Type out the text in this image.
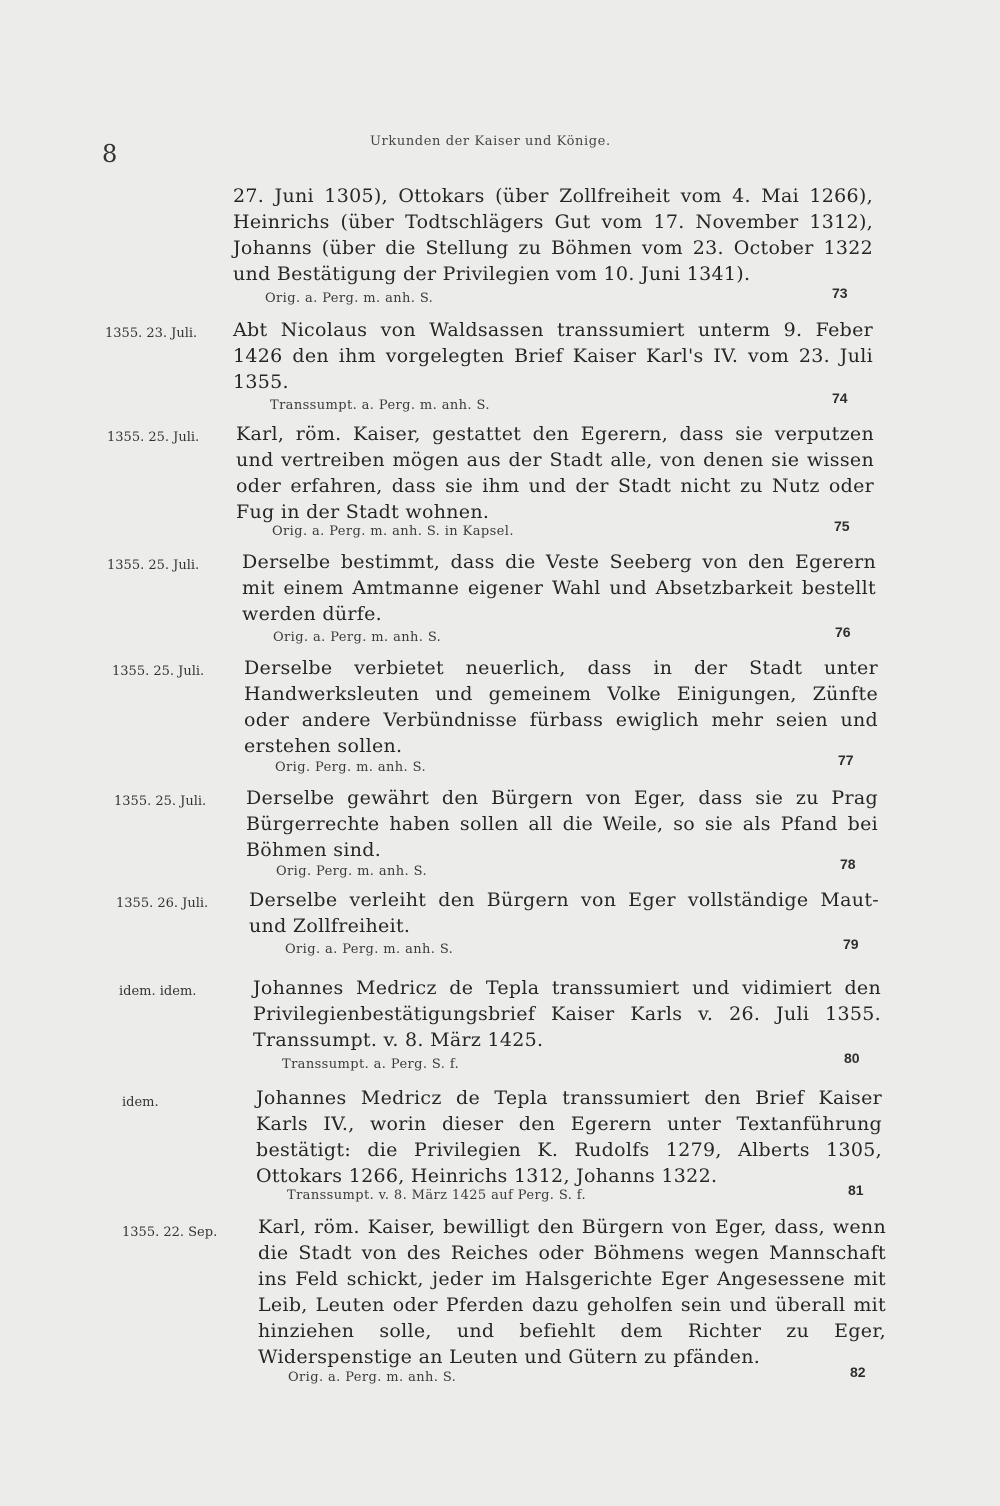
8	Urkunden der Kaiser und Könige.
27. Juni 1305), Ottokars (über Zollfreiheit vom 4. Mai 1266), Heinrichs (über Todtschlägers Gut vom 17. November 1312), Johanns (über die Stellung zu Böhmen vom 23. October 1322 und Bestätigung der Privilegien vom 10. Juni 1341).
Orig. a. Perg. m. anh. S.	73
1355. 23. Juli. Abt Nicolaus von Waldsassen transsumiert unterm 9. Feber 1426 den ihm vorgelegten Brief Kaiser Karl's IV. vom 23. Juli 1355.
Transsumpt. a. Perg. m. anh. S.	74
1355. 25. Juli. Karl, röm. Kaiser, gestattet den Egerern, dass sie verputzen und vertreiben mögen aus der Stadt alle, von denen sie wissen oder erfahren, dass sie ihm und der Stadt nicht zu Nutz oder Fug in der Stadt wohnen.
Orig. a. Perg. m. anh. S. in Kapsel.	75
1355. 25. Juli. Derselbe bestimmt, dass die Veste Seeberg von den Egerern mit einem Amtmanne eigener Wahl und Absetzbarkeit bestellt werden dürfe.
Orig. a. Perg. m. anh. S.	76
1355. 25. Juli. Derselbe verbietet neuerlich, dass in der Stadt unter Handwerksleuten und gemeinem Volke Einigungen, Zünfte oder andere Verbündnisse fürbass ewiglich mehr seien und erstehen sollen.
Orig. Perg. m. anh. S.	77
1355. 25. Juli. Derselbe gewährt den Bürgern von Eger, dass sie zu Prag Bürgerrechte haben sollen all die Weile, so sie als Pfand bei Böhmen sind.
Orig. Perg. m. anh. S.	78
1355. 26. Juli. Derselbe verleiht den Bürgern von Eger vollständige Maut- und Zollfreiheit.
Orig. a. Perg. m. anh. S.	79
idem. idem.	Johannes Medricz de Tepla transsumiert und vidimiert den Privilegienbestätigungsbrief Kaiser Karls v. 26. Juli 1355. Transsumpt. v. 8. März 1425.
Transsumpt. a. Perg. S. f.	80
idem.	Johannes Medricz de Tepla transsumiert den Brief Kaiser Karls IV., worin dieser den Egerern unter Textanführung bestätigt: die Privilegien K. Rudolfs 1279, Alberts 1305, Ottokars 1266, Heinrichs 1312, Johanns 1322.
Transsumpt. v. 8. März 1425 auf Perg. S. f.	81
1355. 22. Sep. Karl, röm. Kaiser, bewilligt den Bürgern von Eger, dass, wenn die Stadt von des Reiches oder Böhmens wegen Mannschaft ins Feld schickt, jeder im Halsgerichte Eger Angesessene mit Leib, Leuten oder Pferden dazu geholfen sein und überall mit hinziehen solle, und befiehlt dem Richter zu Eger, Widerspenstige an Leuten und Gütern zu pfänden.
Orig. a. Perg. m. anh. S.	82
